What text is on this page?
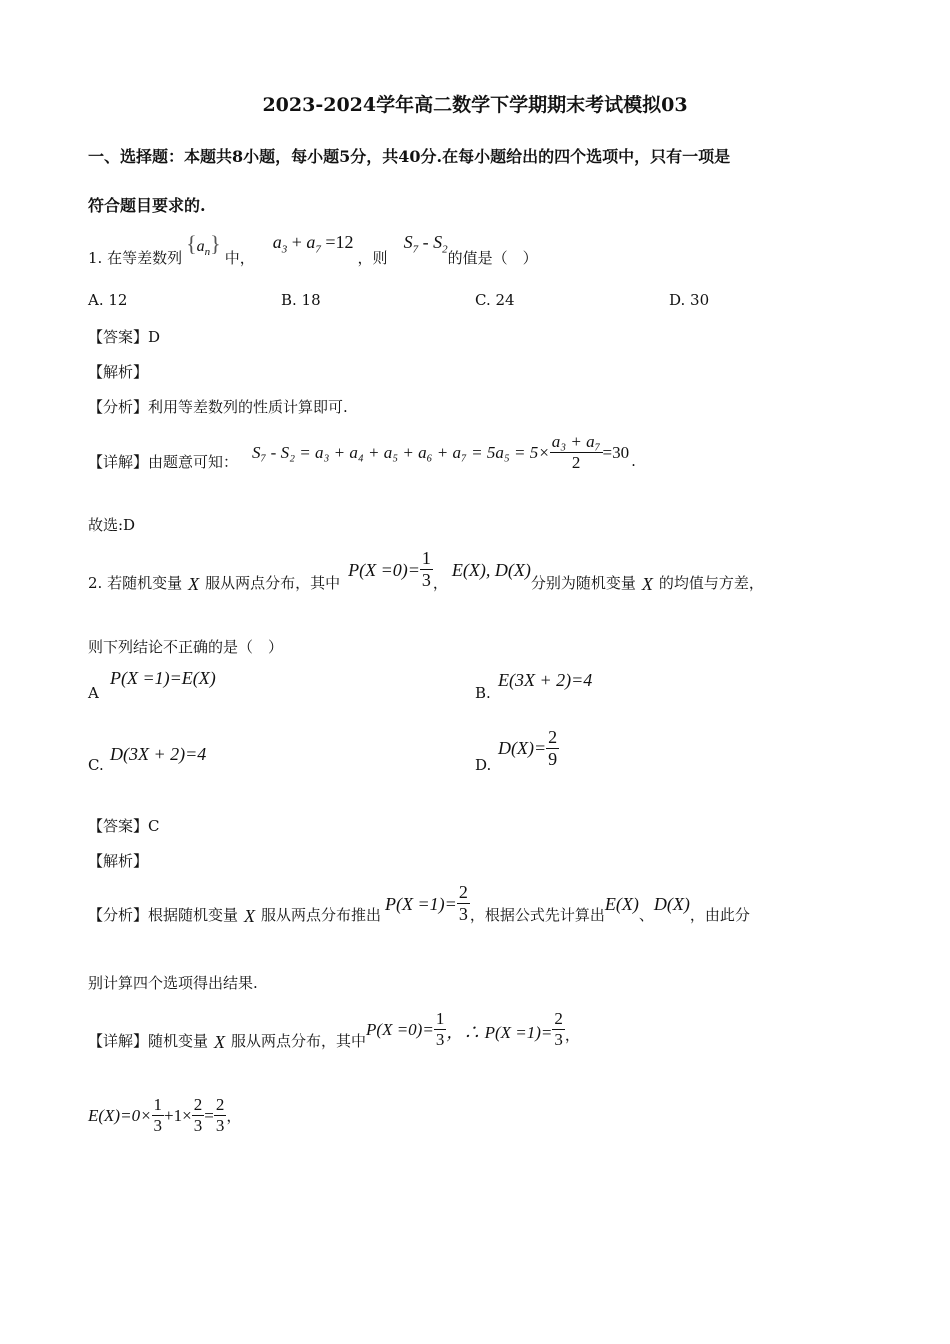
2023-2024学年高二数学下学期期末考试模拟03
一、选择题：本题共8小题，每小题5分，共40分.在每小题给出的四个选项中，只有一项是
符合题目要求的.
1. 在等差数列
$\{a_n\}$
中，
$a_3 + a_7 =12$
，则
$S_7 - S_2$ 的值是（　）
A. 12	B. 18	C. 24	D. 30
【答案】D
【解析】
【分析】利用等差数列的性质计算即可.
【详解】由题意可知： $S_7 - S_2 = a_3 + a_4 + a_5 + a_6 + a_7 = 5a_5 = 5\times \frac{\text{a₃ + a₇}}{2} =30$ .
故选:D
2. 若随机变量 X 服从两点分布，其中
$P(X =0)= \frac{1}{3}$ ，
E(X), D(X)
分别为随机变量 X 的均值与方差，
则下列结论不正确的是（　）
A
P(X =1)=E(X)
B.
E(3X + 2)=4
C.
D(3X + 2)=4
D.
$D(X)= \frac{2}{9}$
【答案】C
【解析】
【分析】根据随机变量 X 服从两点分布推出
$P(X =1)= \frac{2}{3}$ ，根据公式先计算出
E(X)
、
D(X)
，由此分
别计算四个选项得出结果.
【详解】随机变量 X 服从两点分布，其中
$P(X =0)= \frac{1}{3}$ ，∴ $P(X =1)= \frac{2}{3}$ ，
$E(X)=0\times \frac{1}{3} +1\times \frac{2}{3} = \frac{2}{3}$ ，
